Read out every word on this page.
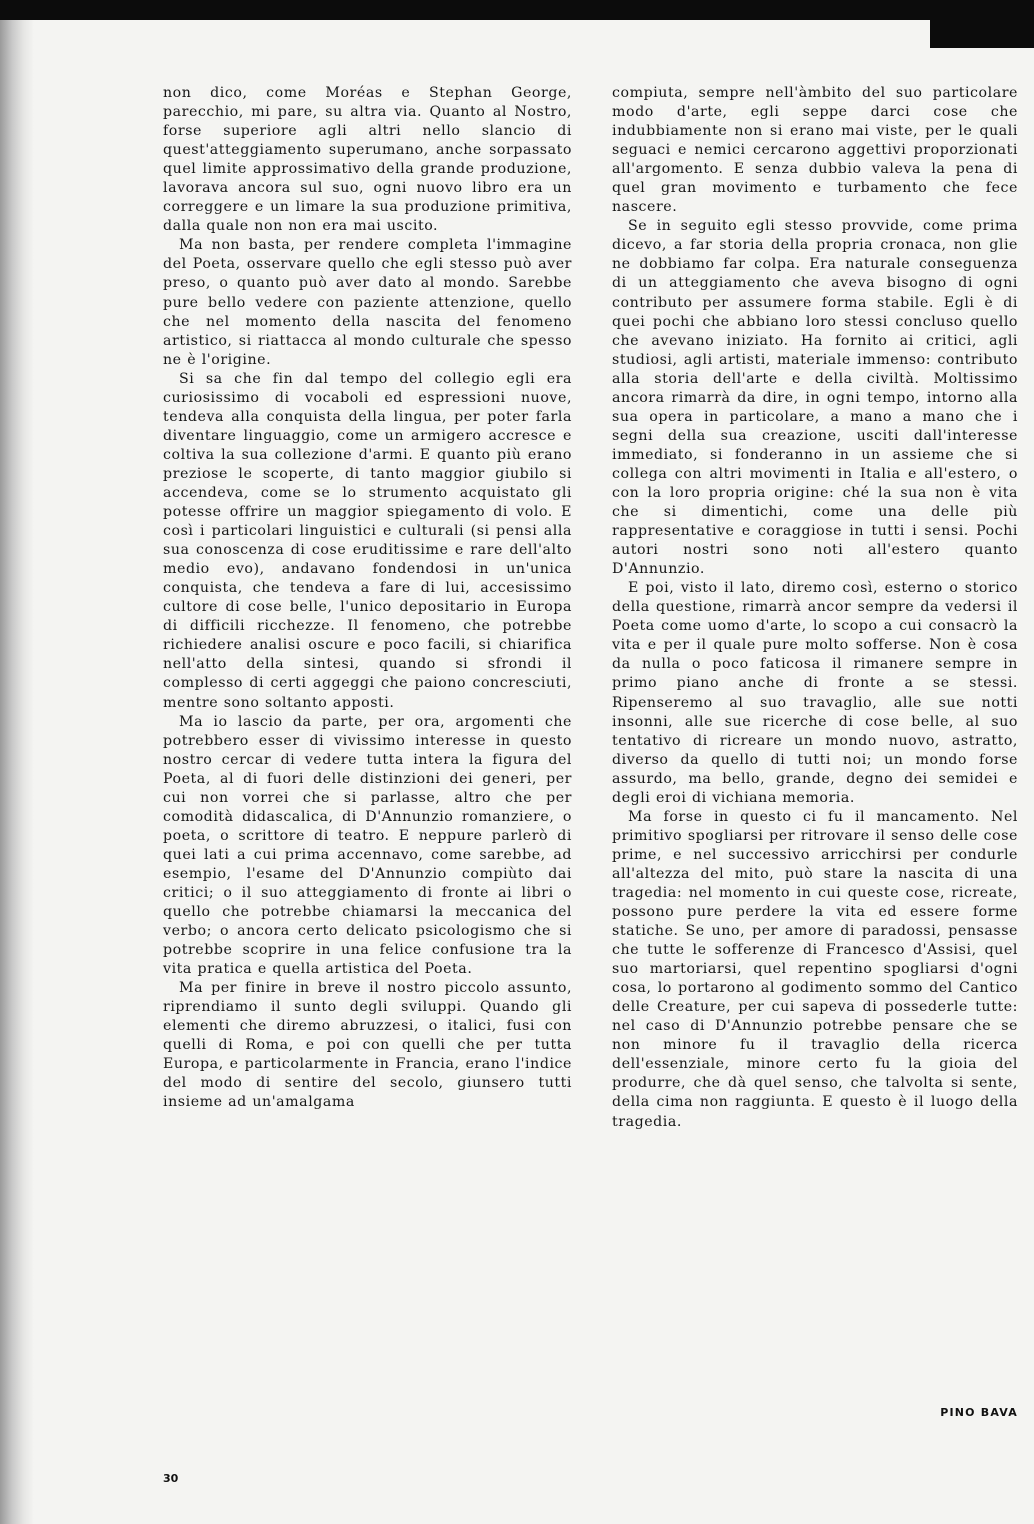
non dico, come Moréas e Stephan George, parecchio, mi pare, su altra via. Quanto al Nostro, forse superiore agli altri nello slancio di quest'atteggiamento superumano, anche sorpassato quel limite approssimativo della grande produzione, lavorava ancora sul suo, ogni nuovo libro era un correggere e un limare la sua produzione primitiva, dalla quale non non era mai uscito.

Ma non basta, per rendere completa l'immagine del Poeta, osservare quello che egli stesso può aver preso, o quanto può aver dato al mondo. Sarebbe pure bello vedere con paziente attenzione, quello che nel momento della nascita del fenomeno artistico, si riattacca al mondo culturale che spesso ne è l'origine.

Si sa che fin dal tempo del collegio egli era curiosissimo di vocaboli ed espressioni nuove, tendeva alla conquista della lingua, per poter farla diventare linguaggio, come un armigero accresce e coltiva la sua collezione d'armi. E quanto più erano preziose le scoperte, di tanto maggior giubilo si accendeva, come se lo strumento acquistato gli potesse offrire un maggior spiegamento di volo. E così i particolari linguistici e culturali (si pensi alla sua conoscenza di cose eruditissime e rare dell'alto medio evo), andavano fondendosi in un'unica conquista, che tendeva a fare di lui, accesissimo cultore di cose belle, l'unico depositario in Europa di difficili ricchezze. Il fenomeno, che potrebbe richiedere analisi oscure e poco facili, si chiarifica nell'atto della sintesi, quando si sfrondi il complesso di certi aggeggi che paiono concresciuti, mentre sono soltanto apposti.

Ma io lascio da parte, per ora, argomenti che potrebbero esser di vivissimo interesse in questo nostro cercar di vedere tutta intera la figura del Poeta, al di fuori delle distinzioni dei generi, per cui non vorrei che si parlasse, altro che per comodità didascalica, di D'Annunzio romanziere, o poeta, o scrittore di teatro. E neppure parlerò di quei lati a cui prima accennavo, come sarebbe, ad esempio, l'esame del D'Annunzio compiùto dai critici; o il suo atteggiamento di fronte ai libri o quello che potrebbe chiamarsi la meccanica del verbo; o ancora certo delicato psicologismo che si potrebbe scoprire in una felice confusione tra la vita pratica e quella artistica del Poeta.

Ma per finire in breve il nostro piccolo assunto, riprendiamo il sunto degli sviluppi. Quando gli elementi che diremo abruzzesi, o italici, fusi con quelli di Roma, e poi con quelli che per tutta Europa, e particolarmente in Francia, erano l'indice del modo di sentire del secolo, giunsero tutti insieme ad un'amalgama

compiuta, sempre nell'àmbito del suo particolare modo d'arte, egli seppe darci cose che indubbiamente non si erano mai viste, per le quali seguaci e nemici cercarono aggettivi proporzionati all'argomento. E senza dubbio valeva la pena di quel gran movimento e turbamento che fece nascere.

Se in seguito egli stesso provvide, come prima dicevo, a far storia della propria cronaca, non glie ne dobbiamo far colpa. Era naturale conseguenza di un atteggiamento che aveva bisogno di ogni contributo per assumere forma stabile. Egli è di quei pochi che abbiano loro stessi concluso quello che avevano iniziato. Ha fornito ai critici, agli studiosi, agli artisti, materiale immenso: contributo alla storia dell'arte e della civiltà. Moltissimo ancora rimarrà da dire, in ogni tempo, intorno alla sua opera in particolare, a mano a mano che i segni della sua creazione, usciti dall'interesse immediato, si fonderanno in un assieme che si collega con altri movimenti in Italia e all'estero, o con la loro propria origine: ché la sua non è vita che si dimentichi, come una delle più rappresentative e coraggiose in tutti i sensi. Pochi autori nostri sono noti all'estero quanto D'Annunzio.

E poi, visto il lato, diremo così, esterno o storico della questione, rimarrà ancor sempre da vedersi il Poeta come uomo d'arte, lo scopo a cui consacrò la vita e per il quale pure molto sofferse. Non è cosa da nulla o poco faticosa il rimanere sempre in primo piano anche di fronte a se stessi. Ripenseremo al suo travaglio, alle sue notti insonni, alle sue ricerche di cose belle, al suo tentativo di ricreare un mondo nuovo, astratto, diverso da quello di tutti noi; un mondo forse assurdo, ma bello, grande, degno dei semidei e degli eroi di vichiana memoria.

Ma forse in questo ci fu il mancamento. Nel primitivo spogliarsi per ritrovare il senso delle cose prime, e nel successivo arricchirsi per condurle all'altezza del mito, può stare la nascita di una tragedia: nel momento in cui queste cose, ricreate, possono pure perdere la vita ed essere forme statiche. Se uno, per amore di paradossi, pensasse che tutte le sofferenze di Francesco d'Assisi, quel suo martoriarsi, quel repentino spogliarsi d'ogni cosa, lo portarono al godimento sommo del Cantico delle Creature, per cui sapeva di possederle tutte: nel caso di D'Annunzio potrebbe pensare che se non minore fu il travaglio della ricerca dell'essenziale, minore certo fu la gioia del produrre, che dà quel senso, che talvolta si sente, della cima non raggiunta. E questo è il luogo della tragedia.

PINO BAVA
30
